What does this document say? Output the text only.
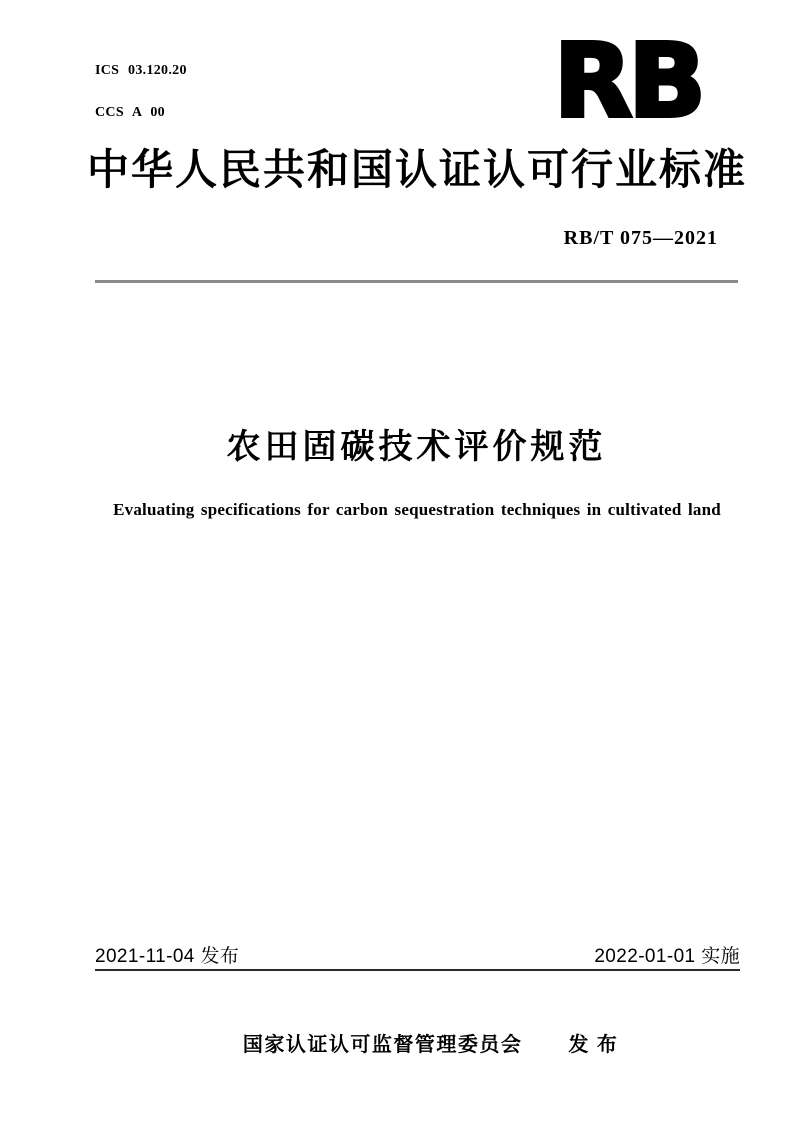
ICS 03.120.20

CCS A 00

	RB
中华人民共和国认证认可行业标准
RB/T 075—2021
农田固碳技术评价规范
Evaluating specifications for carbon sequestration techniques in cultivated land
2021-11-04 发布	2022-01-01 实施

国家认证认可监督管理委员会 发 布
